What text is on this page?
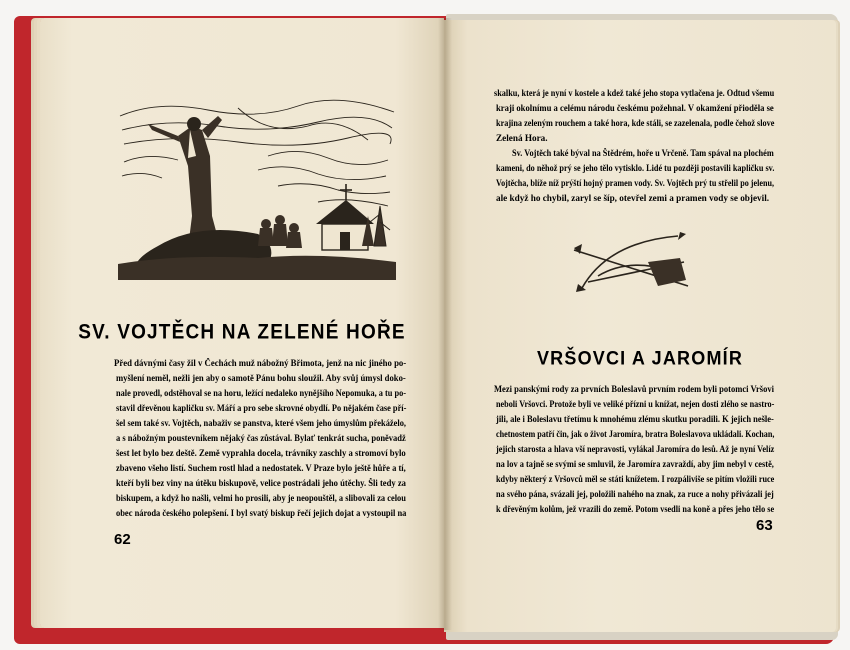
SV. VOJTĚCH NA ZELENÉ HOŘE
Před dávnými časy žil v Čechách muž nábožný Břimota, jenž na nic jiného po-
myšlení neměl, nežli jen aby o samotě Pánu bohu sloužil. Aby svůj úmysl doko-
nale provedl, odstěhoval se na horu, ležící nedaleko nynějšího Nepomuka, a tu po-
stavil dřevěnou kapličku sv. Máří a pro sebe skrovné obydlí. Po nějakém čase pří-
šel sem také sv. Vojtěch, nabaživ se panstva, které všem jeho úmyslům překáželo,
a s nábožným poustevníkem nějaký čas zůstával. Bylať tenkrát sucha, poněvadž
šest let bylo bez deště. Země vyprahla docela, trávníky zaschly a stromoví bylo
zbaveno všeho listí. Suchem rostl hlad a nedostatek. V Praze bylo ještě hůře a tí,
kteří byli bez viny na útěku biskupově, velice postrádali jeho útěchy. Šli tedy za
biskupem, a když ho našli, velmi ho prosili, aby je neopouštěl, a slibovali za celou
obec národa českého polepšení. I byl svatý biskup řečí jejich dojat a vystoupil na
62
skalku, která je nyní v kostele a kdež také jeho stopa vytlačena je. Odtud všemu
kraji okolnímu a celému národu českému požehnal. V okamžení přioděla se
krajina zeleným rouchem a také hora, kde stáli, se zazelenala, podle čehož slove
Zelená Hora.
Sv. Vojtěch také býval na Štědrém, hoře u Vrčeně. Tam spával na plochém
kameni, do něhož prý se jeho tělo vytisklo. Lidé tu později postavili kapličku sv.
Vojtěcha, blíže níž prýští hojný pramen vody. Sv. Vojtěch prý tu střelil po jelenu,
ale když ho chybil, zaryl se šíp, otevřel zemi a pramen vody se objevil.
VRŠOVCI A JAROMÍR
Mezi panskými rody za prvních Boleslavů prvním rodem byli potomci Vršovi
neboli Vršovci. Protože byli ve veliké přízni u knížat, nejen dosti zlého se nastro-
jili, ale i Boleslavu třetímu k mnohému zlému skutku poradili. K jejich nešle-
chetnostem patří čin, jak o život Jaromíra, bratra Boleslavova ukládali. Kochan,
jejich starosta a hlava vší nepravosti, vylákal Jaromíra do lesů. Až je nyní Velíz
na lov a tajně se svými se smluvil, že Jaromíra zavraždí, aby jim nebyl v cestě,
kdyby některý z Vršovců měl se státi knížetem. I rozpáliviše se pitím vložili ruce
na svého pána, svázali jej, položili nahého na znak, za ruce a nohy přivázali jej
k dřevěným kolům, jež vrazili do země. Potom vsedli na koně a přes jeho tělo se
63
